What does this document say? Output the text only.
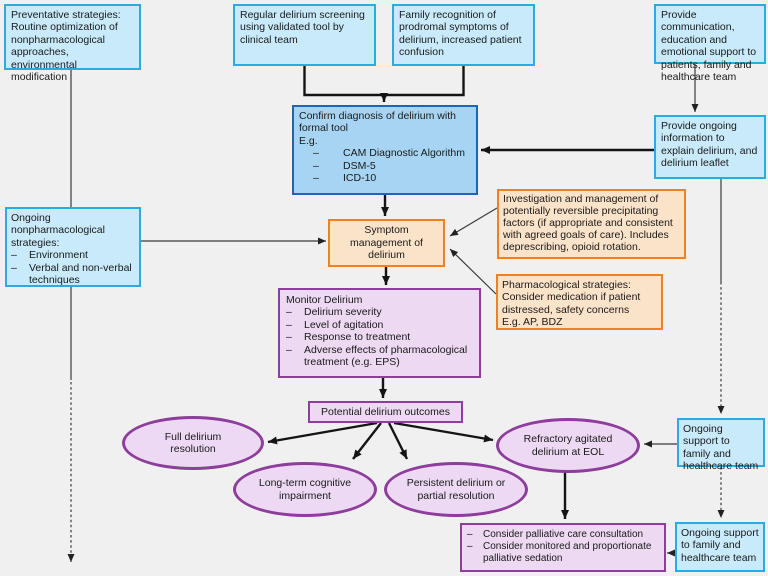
Preventative strategies: Routine optimization of nonpharmacological approaches, environmental modification
Regular delirium screening using validated tool by clinical team
Family recognition of prodromal symptoms of delirium, increased patient confusion
Provide communication, education and emotional support to patients, family and healthcare team
Confirm diagnosis of delirium with formal tool
E.g.
–	CAM Diagnostic Algorithm
–	DSM-5
–	ICD-10
Provide ongoing information to explain delirium, and delirium leaflet
Ongoing nonpharmacological strategies:
–	Environment
–	Verbal and non-verbal techniques
Symptom management of delirium
Investigation and management of potentially reversible precipitating factors (if appropriate and consistent with agreed goals of care). Includes deprescribing, opioid rotation.
Pharmacological strategies: Consider medication if patient distressed, safety concerns
E.g. AP, BDZ
Monitor Delirium
–	Delirium severity
–	Level of agitation
–	Response to treatment
–	Adverse effects of pharmacological treatment (e.g. EPS)
Potential delirium outcomes
Full delirium resolution
Long-term cognitive impairment
Persistent delirium or partial resolution
Refractory agitated delirium at EOL
Ongoing support to family and healthcare team
Ongoing support to family and healthcare team
–	Consider palliative care consultation
–	Consider monitored and proportionate palliative sedation
